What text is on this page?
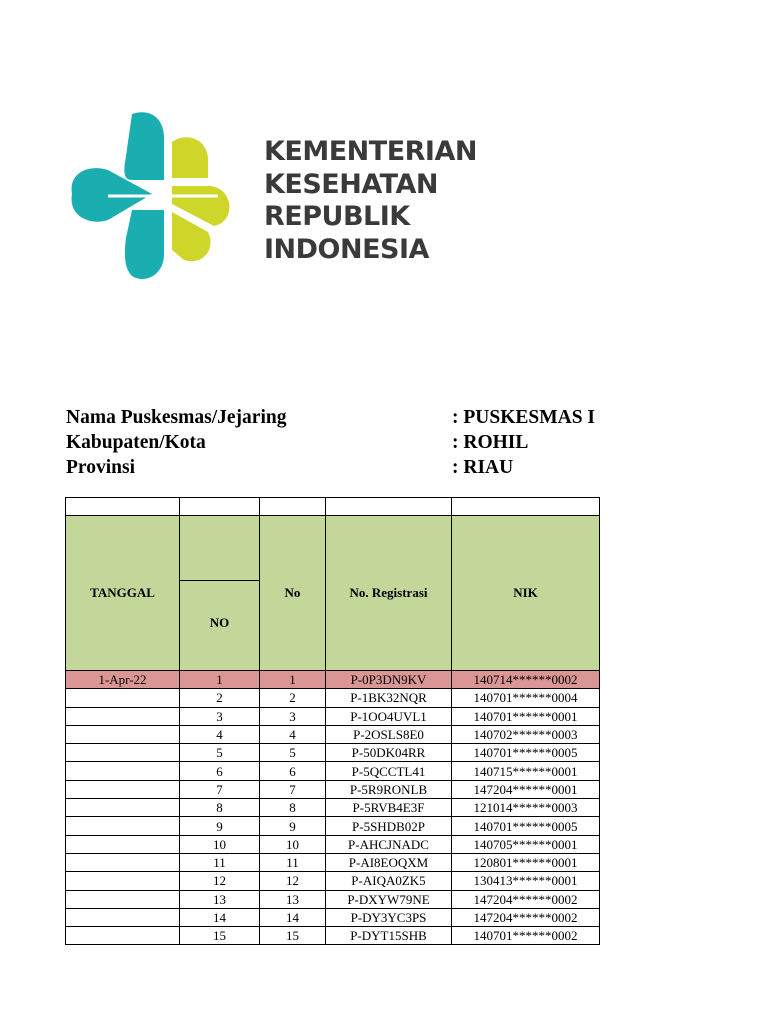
KEMENTERIAN
KESEHATAN
REPUBLIK
INDONESIA
Nama Puskesmas/Jejaring	: PUSKESMAS I
Kabupaten/Kota	: ROHIL
Provinsi	: RIAU

TANGGAL		No	No. Registrasi	NIK
	NO			
1-Apr-22	1	1	P-0P3DN9KV	140714******0002
	2	2	P-1BK32NQR	140701******0004
	3	3	P-1OO4UVL1	140701******0001
	4	4	P-2OSLS8E0	140702******0003
	5	5	P-50DK04RR	140701******0005
	6	6	P-5QCCTL41	140715******0001
	7	7	P-5R9RONLB	147204******0001
	8	8	P-5RVB4E3F	121014******0003
	9	9	P-5SHDB02P	140701******0005
	10	10	P-AHCJNADC	140705******0001
	11	11	P-AI8EOQXM	120801******0001
	12	12	P-AIQA0ZK5	130413******0001
	13	13	P-DXYW79NE	147204******0002
	14	14	P-DY3YC3PS	147204******0002
	15	15	P-DYT15SHB	140701******0002
